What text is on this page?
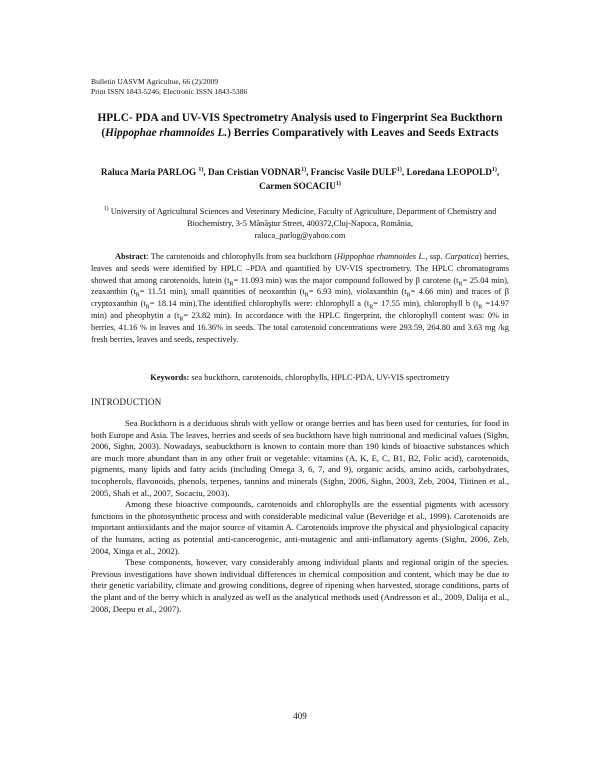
Bulletin UASVM Agricultue, 66 (2)/2009
Print ISSN 1843-5246; Electronic ISSN 1843-5386
HPLC- PDA and UV-VIS Spectrometry Analysis used to Fingerprint Sea Buckthorn (Hippophae rhamnoides L.) Berries Comparatively with Leaves and Seeds Extracts
Raluca Maria PARLOG $^{1)}$, Dan Cristian VODNAR$^{1)}$, Francisc Vasile DULF$^{1)}$, Loredana LEOPOLD$^{1)}$, Carmen SOCACIU$^{1)}$
$^{1)}$ University of Agricultural Sciences and Veterinary Medicine, Faculty of Agriculture, Department of Chemistry and Biochemistry, 3-5 Mănăştur Street, 400372,Cluj-Napoca, România,
raluca_parlog@yahoo.com

Abstract: The carotenoids and chlorophylls from sea buckthorn (Hippophae rhamnoides L., ssp. Carpatica) berries, leaves and seeds were identified by HPLC –PDA and quantified by UV-VIS spectrometry. The HPLC chromatograms showed that among carotenoids, lutein ($t_R= 11.093$ min) was the major compound followed by β carotene ($t_R= 25.04$ min), zeaxanthin ($t_R= 11.51$ min), small quantities of neoxanthin ($t_R= 6.93$ min), violaxanthin ($t_R= 4.66$ min) and traces of β cryptoxanthin ($t_R= 18.14$ min).The identified chlorophylls were: chlorophyll a ($t_R= 17.55$ min), chlorophyll b ($t_R =14.97$ min) and pheophytin a ($t_R= 23.82$ min). In accordance with the HPLC fingerprint, the chlorophyll content was: 0% in berries, 41.16 % in leaves and 16.36% in seeds. The total carotenoid concentrations were 293.59, 264.80 and 3.63 mg /kg fresh berries, leaves and seeds, respectively.

Keywords: sea buckthorn, carotenoids, chlorophylls, HPLC-PDA, UV-VIS spectrometry
INTRODUCTION

Sea Buckthorn is a deciduous shrub with yellow or orange berries and has been used for centuries, for food in both Europe and Asia. The leaves, berries and seeds of sea buckthorn have high nutritional and medicinal values (Sighn, 2006, Sighn, 2003). Nowadays, seabuckthorn is known to contain more than 190 kinds of bioactive substances which are much more abundant than in any other fruit or vegetable: vitamins (A, K, E, C, B1, B2, Folic acid), carotenoids, pigments, many lipids and fatty acids (including Omega 3, 6, 7, and 9), organic acids, amino acids, carbohydrates, tocopherols, flavonoids, phenols, terpenes, tannins and minerals (Sighn, 2006, Sighn, 2003, Zeb, 2004, Tiitinen et al., 2005, Shah et al., 2007, Socaciu, 2003).

Among these bioactive compounds, carotenoids and chlorophylls are the essential pigments with acessory functions in the photosynthetic process and with considerable medicinal value (Beveridge et al., 1999). Carotenoids are important antioxidants and the major source of vitamin A. Carotenoids improve the physical and physiological capacity of the humans, acting as potential anti-cancerogenic, anti-mutagenic and anti-inflamatory agents (Sighn, 2006, Zeb, 2004, Xinga et al., 2002).

These components, however, vary considerably among individual plants and regional origin of the species. Previous investigations have shown individual differences in chemical composition and content, which may be due to their genetic variability, climate and growing conditions, degree of ripening when harvested, storage conditions, parts of the plant and of the berry which is analyzed as well as the analytical methods used (Andresson et al., 2009, Dalija et al., 2008, Deepu et al., 2007).

409
